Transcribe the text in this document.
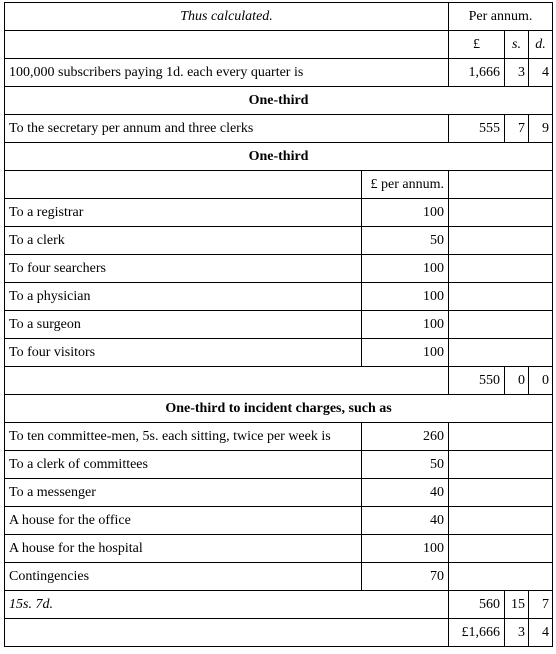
Thus calculated.		Per annum.		
		£	s.	d.
100,000 subscribers paying 1d. each every quarter is		1,666	3	4
One-third				
To the secretary per annum and three clerks		555	7	9
One-third				
	£ per annum.			
To a registrar	100			
To a clerk	50			
To four searchers	100			
To a physician	100			
To a surgeon	100			
To four visitors	100			
		550	0	0
One-third to incident charges, such as				
To ten committee-men, 5s. each sitting, twice per week is	260			
To a clerk of committees	50			
To a messenger	40			
A house for the office	40			
A house for the hospital	100			
Contingencies	70			
15s. 7d.		560	15	7
		£1,666	3	4
